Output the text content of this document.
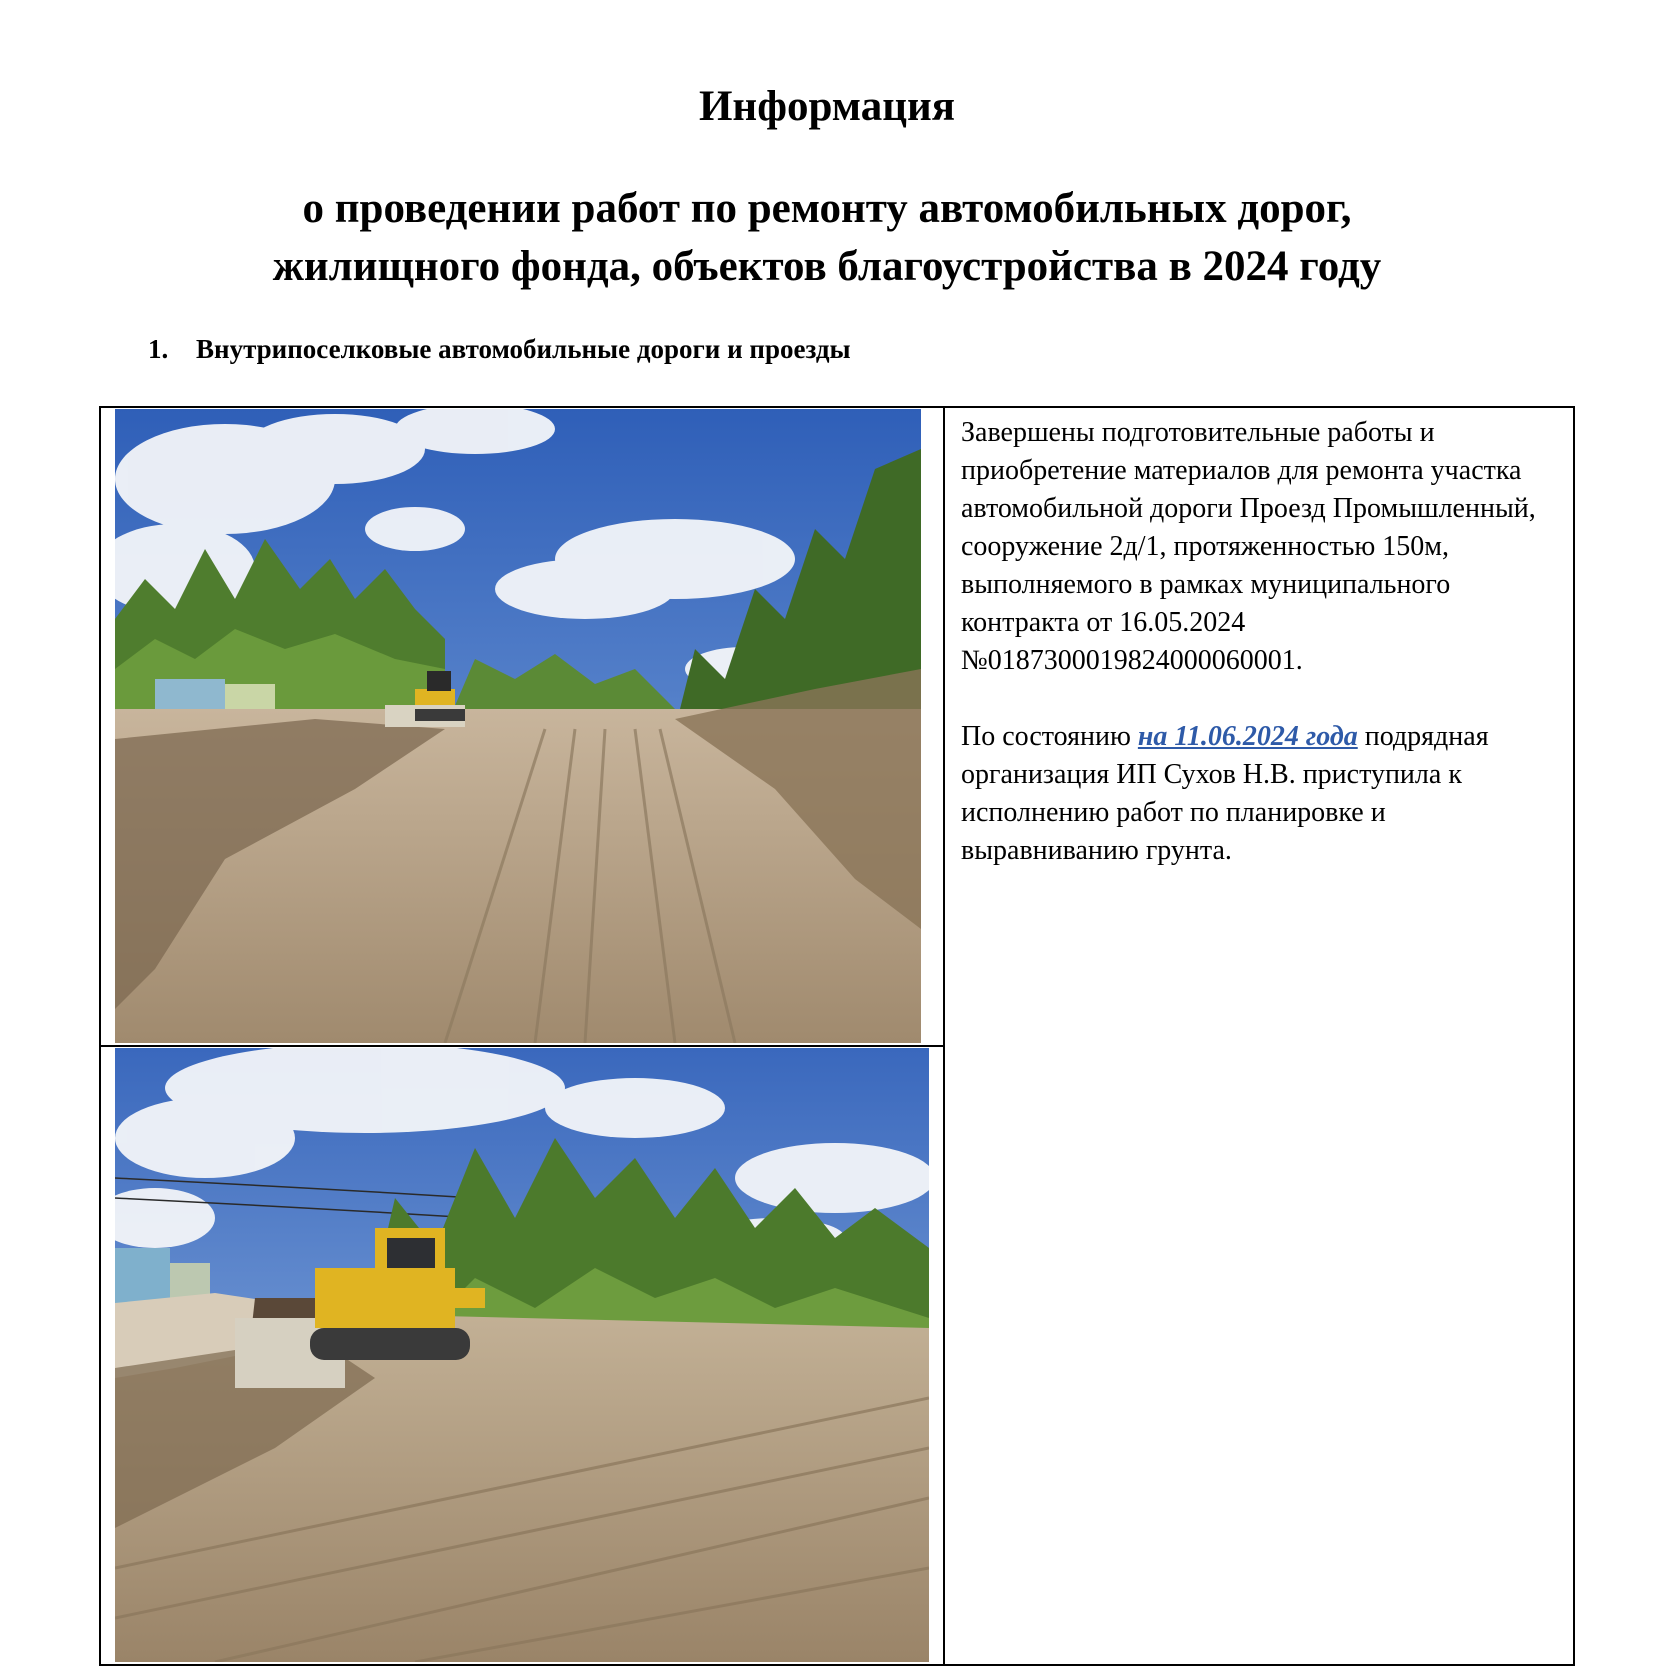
Информация
о проведении работ по ремонту автомобильных дорог,
жилищного фонда, объектов благоустройства в 2024 году
1. Внутрипоселковые автомобильные дороги и проезды

Завершены подготовительные работы и приобретение материалов для ремонта участка автомобильной дороги Проезд Промышленный, сооружение 2д/1, протяженностью 150м, выполняемого в рамках муниципального контракта от 16.05.2024 №0187300019824000060001.

По состоянию на 11.06.2024 года подрядная организация ИП Сухов Н.В. приступила к исполнению работ по планировке и выравниванию грунта.
